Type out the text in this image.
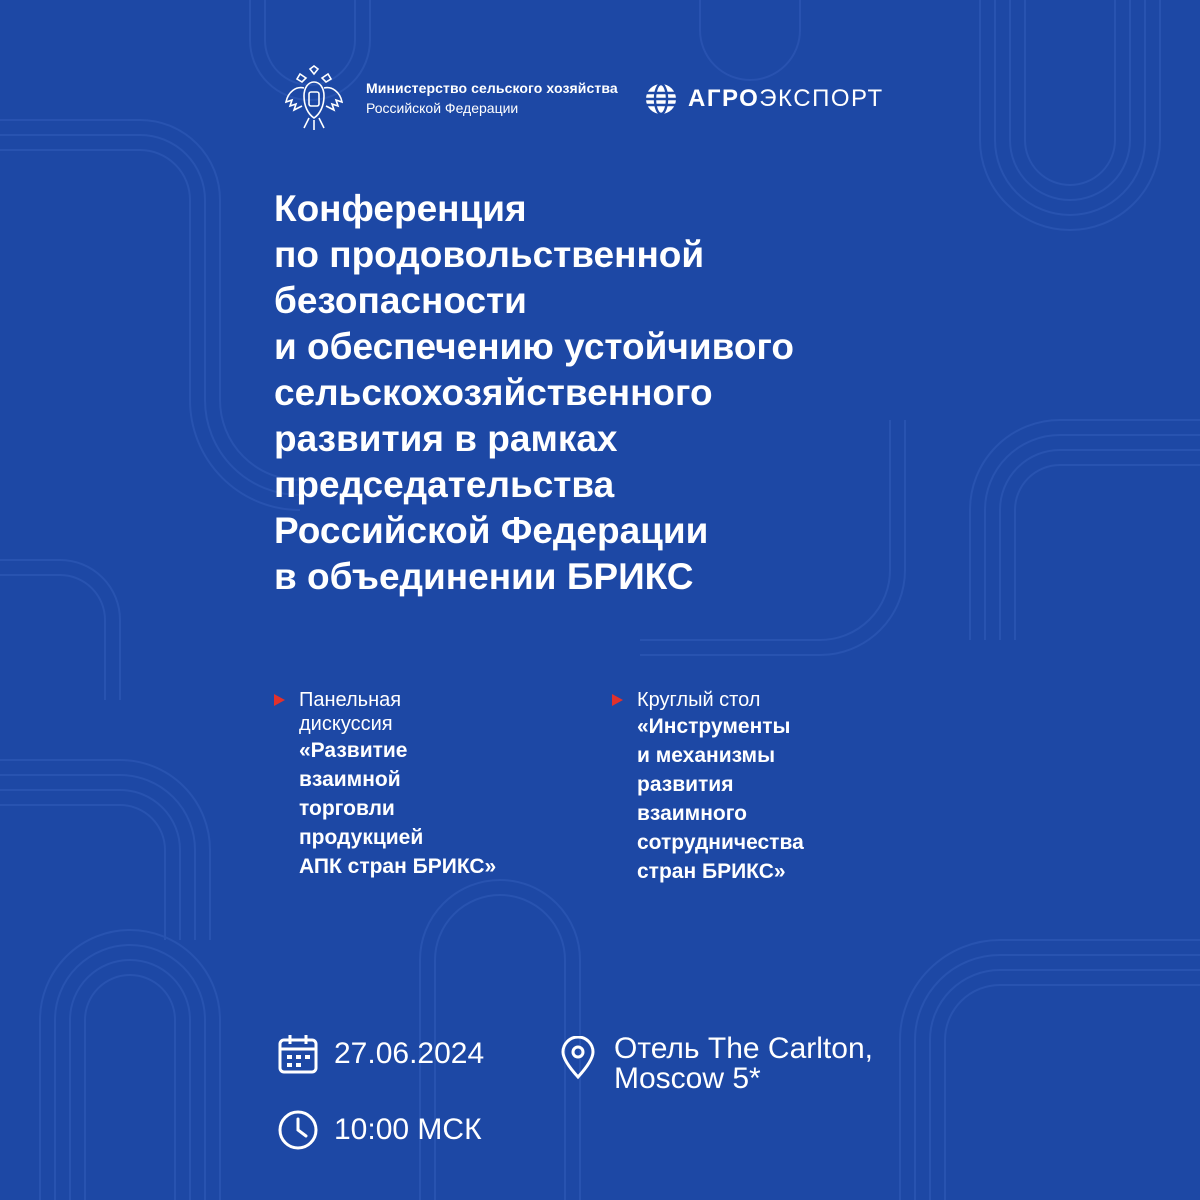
Министерство сельского хозяйства
Российской Федерации	АГРОЭКСПОРТ
Конференция
по продовольственной
безопасности
и обеспечению устойчивого
сельскохозяйственного
развития в рамках
председательства
Российской Федерации
в объединении БРИКС
Панельная
дискуссия
«Развитие
взаимной
торговли
продукцией
АПК стран БРИКС»
Круглый стол
«Инструменты
и механизмы
развития
взаимного
сотрудничества
стран БРИКС»
27.06.2024
10:00 МСК
Отель The Carlton,
Moscow 5*
